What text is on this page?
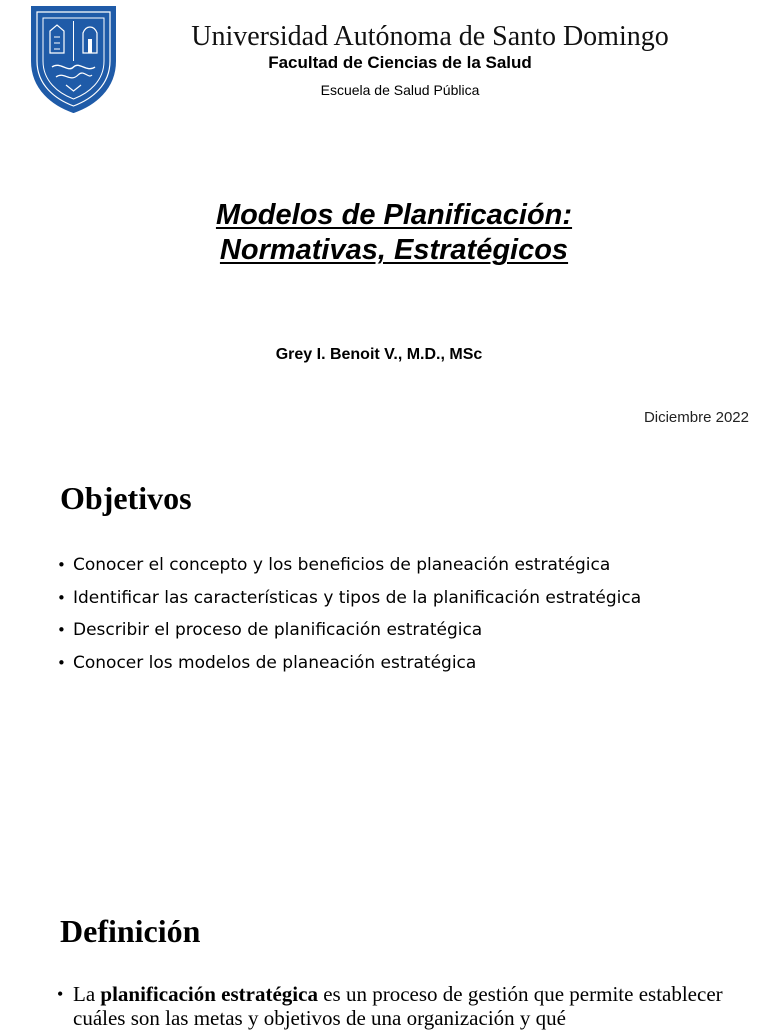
Universidad Autónoma de Santo Domingo
Facultad de Ciencias de la Salud
Escuela de Salud Pública
Modelos de Planificación:
Normativas, Estratégicos
Grey I. Benoit V., M.D., MSc
Diciembre 2022
Objetivos
• Conocer el concepto y los beneficios de planeación estratégica
• Identificar las características y tipos de la planificación estratégica
• Describir el proceso de planificación estratégica
• Conocer los modelos de planeación estratégica
Definición

• La planificación estratégica es un proceso de gestión que permite establecer cuáles son las metas y objetivos de una organización y qué
